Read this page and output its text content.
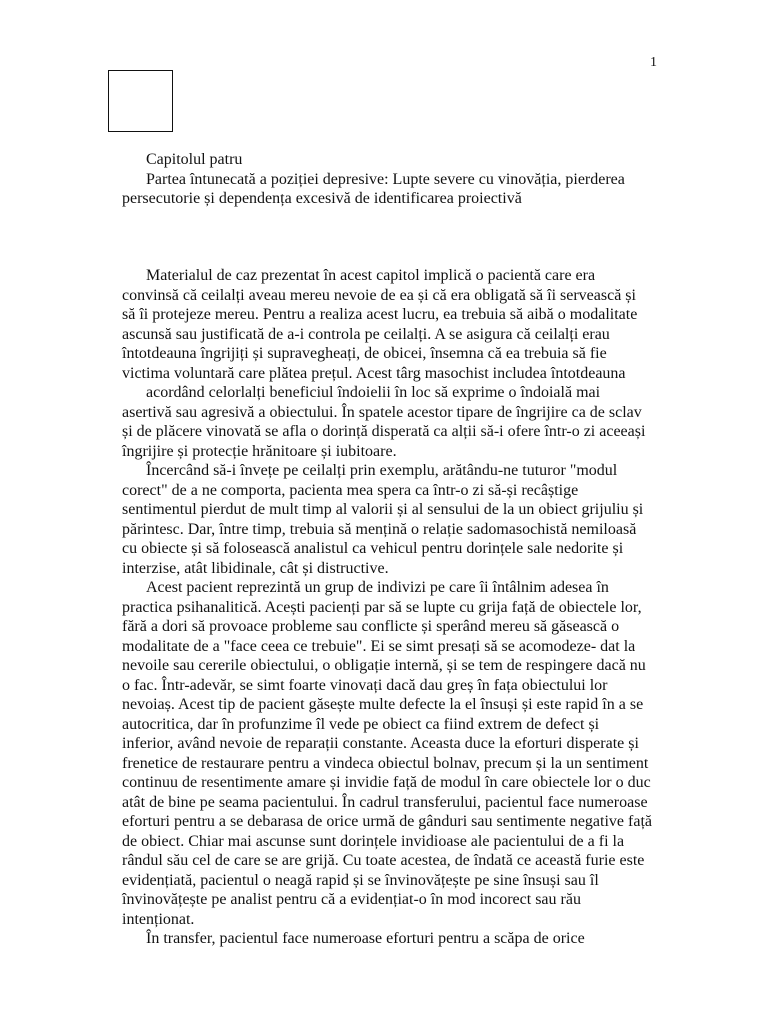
1

Capitolul patru

Partea întunecată a poziției depresive: Lupte severe cu vinovăția, pierderea persecutorie și dependența excesivă de identificarea proiectivă

Materialul de caz prezentat în acest capitol implică o pacientă care era convinsă că ceilalți aveau mereu nevoie de ea și că era obligată să îi servească și să îi protejeze mereu. Pentru a realiza acest lucru, ea trebuia să aibă o modalitate ascunsă sau justificată de a-i controla pe ceilalți. A se asigura că ceilalți erau întotdeauna îngrijiți și supravegheați, de obicei, însemna că ea trebuia să fie victima voluntară care plătea prețul. Acest târg masochist includea întotdeauna

acordând celorlalți beneficiul îndoielii în loc să exprime o îndoială mai asertivă sau agresivă a obiectului. În spatele acestor tipare de îngrijire ca de sclav și de plăcere vinovată se afla o dorință disperată ca alții să-i ofere într-o zi aceeași îngrijire și protecție hrănitoare și iubitoare.

Încercând să-i învețe pe ceilalți prin exemplu, arătându-ne tuturor "modul corect" de a ne comporta, pacienta mea spera ca într-o zi să-și recâștige sentimentul pierdut de mult timp al valorii și al sensului de la un obiect grijuliu și părintesc. Dar, între timp, trebuia să mențină o relație sadomasochistă nemiloasă cu obiecte și să folosească analistul ca vehicul pentru dorințele sale nedorite și interzise, atât libidinale, cât și distructive.

Acest pacient reprezintă un grup de indivizi pe care îi întâlnim adesea în practica psihanalitică. Acești pacienți par să se lupte cu grija față de obiectele lor, fără a dori să provoace probleme sau conflicte și sperând mereu să găsească o modalitate de a "face ceea ce trebuie". Ei se simt presați să se acomodeze- dat la nevoile sau cererile obiectului, o obligație internă, și se tem de respingere dacă nu o fac. Într-adevăr, se simt foarte vinovați dacă dau greș în fața obiectului lor nevoiaș. Acest tip de pacient găsește multe defecte la el însuși și este rapid în a se autocritica, dar în profunzime îl vede pe obiect ca fiind extrem de defect și inferior, având nevoie de reparații constante. Aceasta duce la eforturi disperate și frenetice de restaurare pentru a vindeca obiectul bolnav, precum și la un sentiment continuu de resentimente amare și invidie față de modul în care obiectele lor o duc atât de bine pe seama pacientului. În cadrul transferului, pacientul face numeroase eforturi pentru a se debarasa de orice urmă de gânduri sau sentimente negative față de obiect. Chiar mai ascunse sunt dorințele invidioase ale pacientului de a fi la rândul său cel de care se are grijă. Cu toate acestea, de îndată ce această furie este evidențiată, pacientul o neagă rapid și se învinovățește pe sine însuși sau îl învinovățește pe analist pentru că a evidențiat-o în mod incorect sau rău intenționat.

În transfer, pacientul face numeroase eforturi pentru a scăpa de orice
